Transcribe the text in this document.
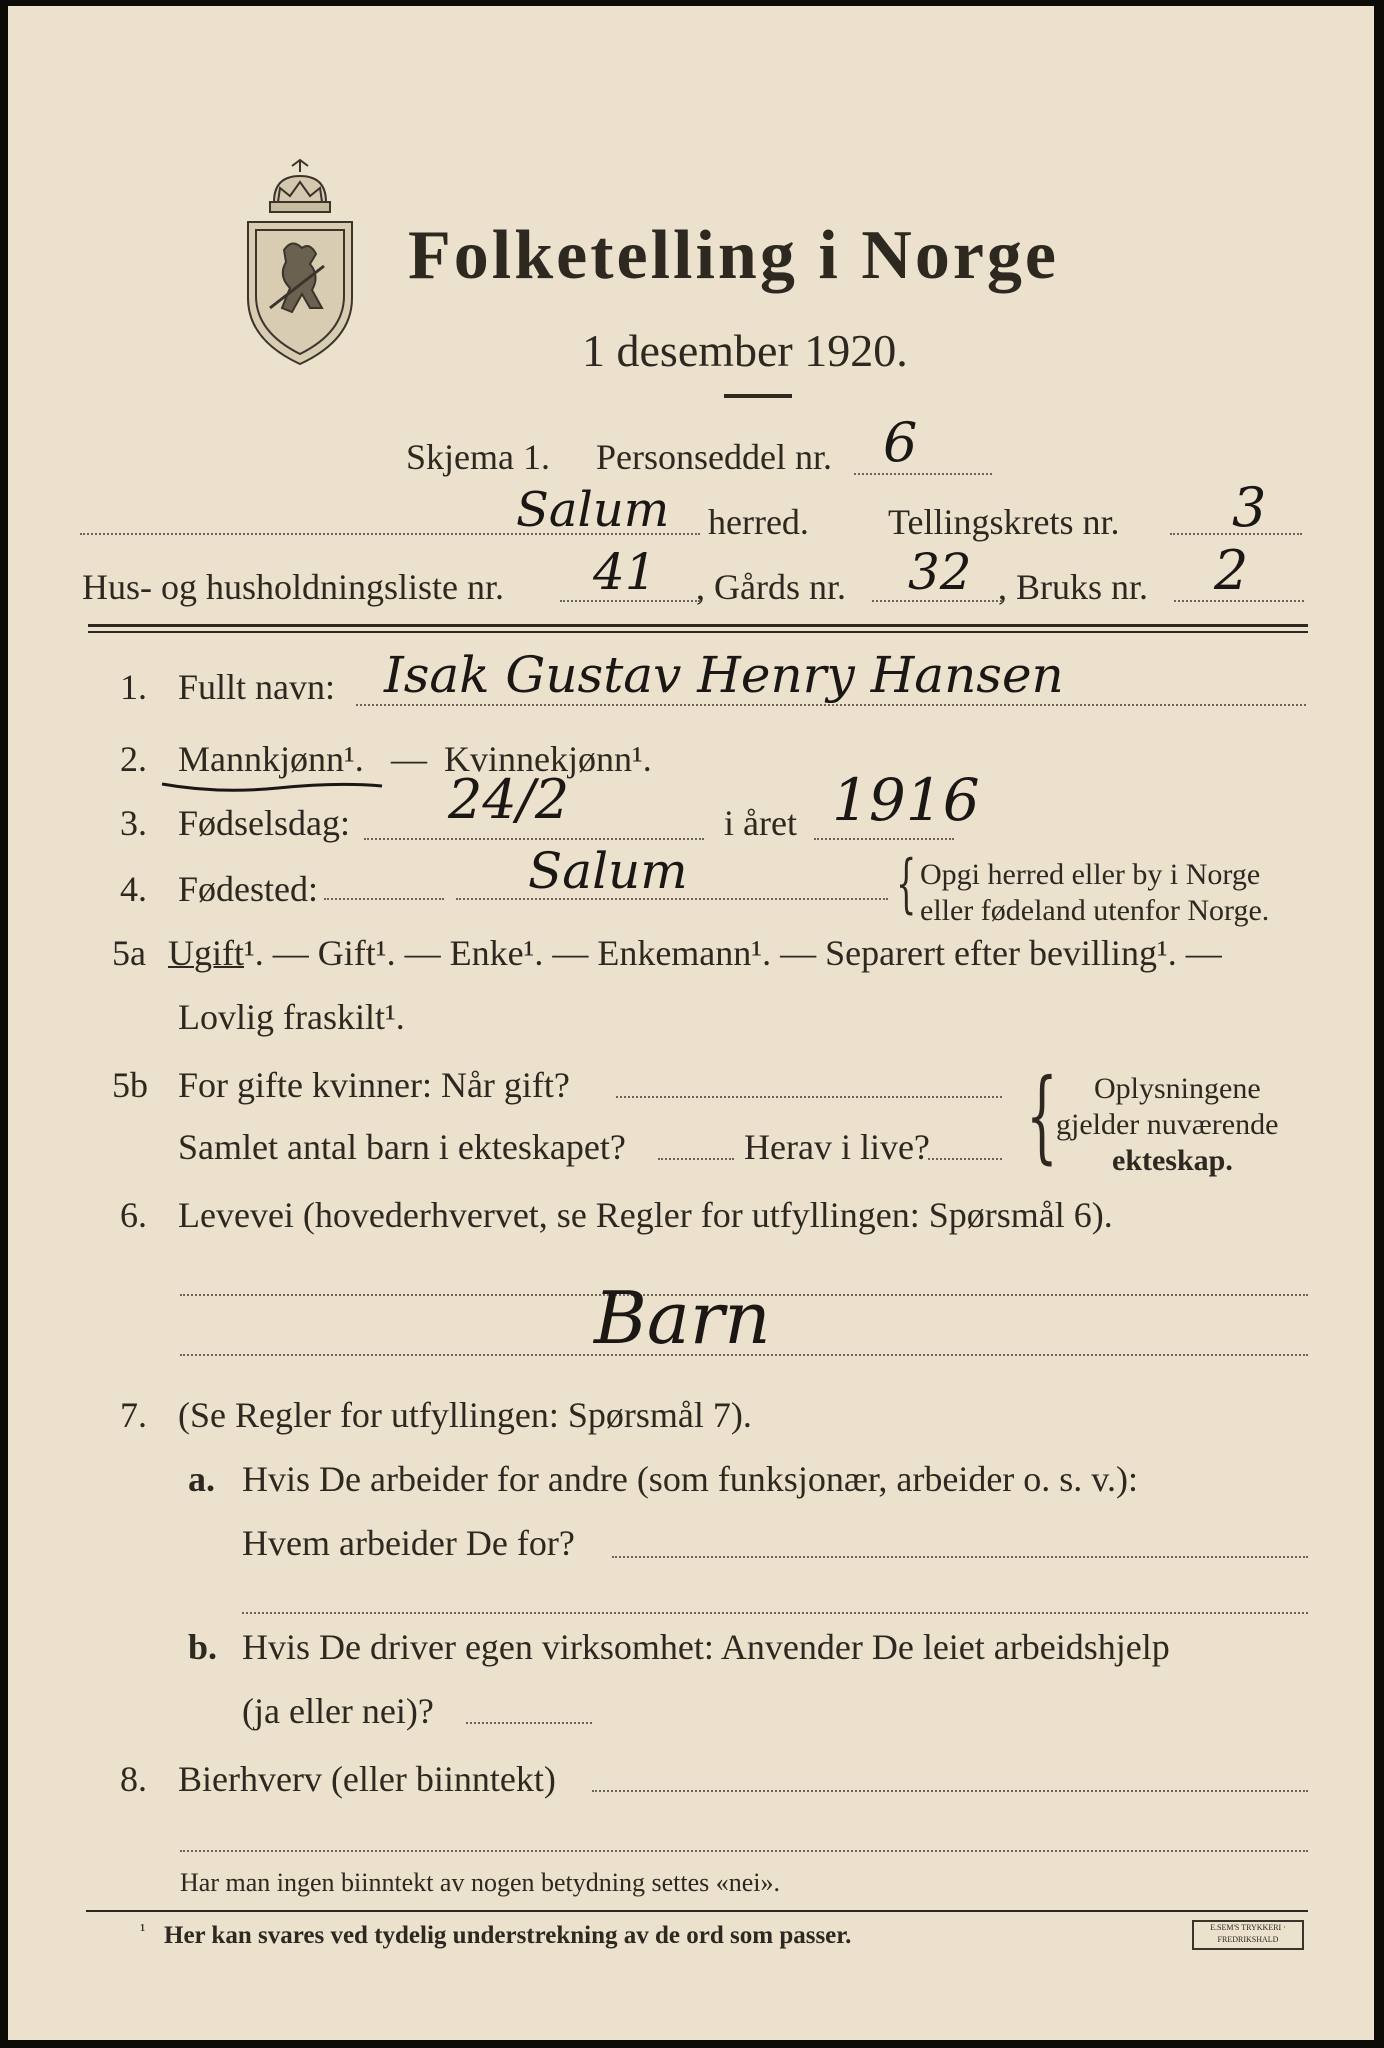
Folketelling i Norge
1 desember 1920.
Skjema 1. Personseddel nr. 6
Salum herred. Tellingskrets nr. 3
Hus- og husholdningsliste nr. 41 , Gårds nr. 32 , Bruks nr. 2
1. Fullt navn: Isak Gustav Henry Hansen
2. Mannkjønn¹. — Kvinnekjønn¹.
3. Fødselsdag: 24/2	i året 1916
4. Fødested:	Salum	{ Opgi herred eller by i Norge
eller fødeland utenfor Norge.
5a Ugift¹. — Gift¹. — Enke¹. — Enkemann¹. — Separert efter bevilling¹. —
Lovlig fraskilt¹.
5b For gifte kvinner: Når gift?
Samlet antal barn i ekteskapet?	Herav i live? { Oplysningene
gjelder nuværende
ekteskap.
6. Levevei (hovederhvervet, se Regler for utfyllingen: Spørsmål 6).
Barn
7. (Se Regler for utfyllingen: Spørsmål 7).
a. Hvis De arbeider for andre (som funksjonær, arbeider o. s. v.):
Hvem arbeider De for?
b. Hvis De driver egen virksomhet: Anvender De leiet arbeidshjelp
(ja eller nei)?
8. Bierhverv (eller biinntekt)
Har man ingen biinntekt av nogen betydning settes «nei».
¹ Her kan svares ved tydelig understrekning av de ord som passer.	E.SEM'S TRYKKERI · FREDRIKSHALD
